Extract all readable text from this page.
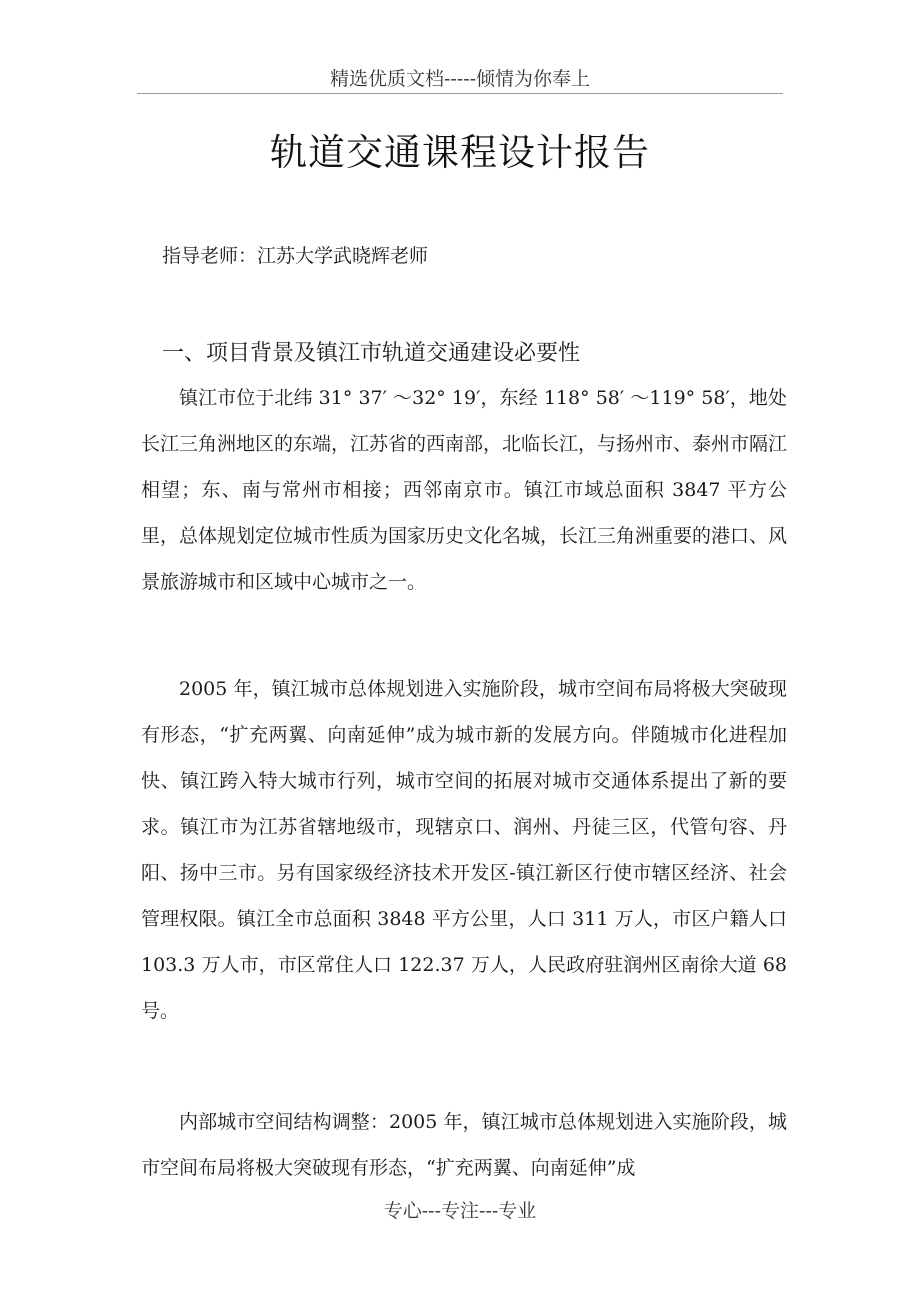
精选优质文档-----倾情为你奉上
轨道交通课程设计报告
指导老师：江苏大学武晓辉老师
一、项目背景及镇江市轨道交通建设必要性

镇江市位于北纬 31° 37′ ～32° 19′，东经 118° 58′ ～119° 58′，地处长江三角洲地区的东端，江苏省的西南部，北临长江，与扬州市、泰州市隔江相望；东、南与常州市相接；西邻南京市。镇江市域总面积 3847 平方公里，总体规划定位城市性质为国家历史文化名城，长江三角洲重要的港口、风景旅游城市和区域中心城市之一。

2005 年，镇江城市总体规划进入实施阶段，城市空间布局将极大突破现有形态，“扩充两翼、向南延伸”成为城市新的发展方向。伴随城市化进程加快、镇江跨入特大城市行列，城市空间的拓展对城市交通体系提出了新的要求。镇江市为江苏省辖地级市，现辖京口、润州、丹徒三区，代管句容、丹阳、扬中三市。另有国家级经济技术开发区-镇江新区行使市辖区经济、社会管理权限。镇江全市总面积 3848 平方公里，人口 311 万人，市区户籍人口 103.3 万人市，市区常住人口 122.37 万人，人民政府驻润州区南徐大道 68 号。

内部城市空间结构调整：2005 年，镇江城市总体规划进入实施阶段，城市空间布局将极大突破现有形态，“扩充两翼、向南延伸”成

专心---专注---专业
